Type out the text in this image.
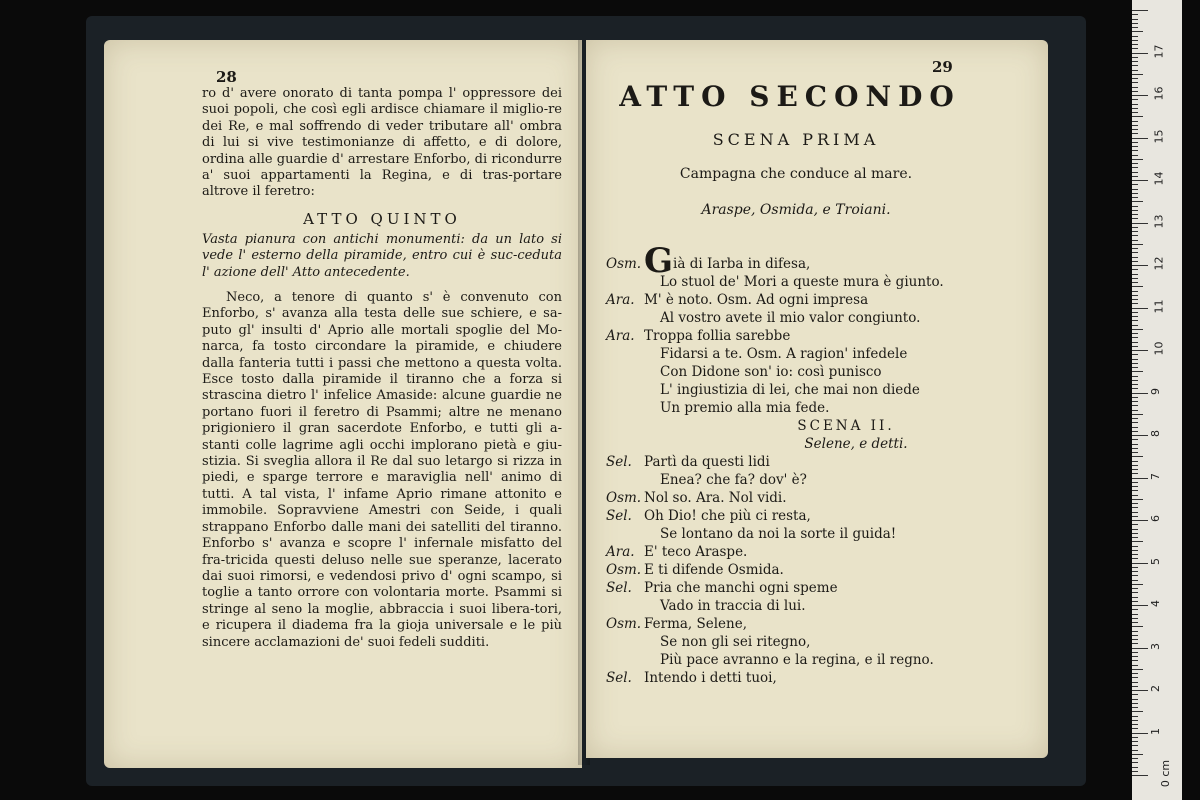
28

ro d' avere onorato di tanta pompa l' oppressore dei suoi popoli, che così egli ardisce chiamare il miglio-re dei Re, e mal soffrendo di veder tributare all' ombra di lui si vive testimonianze di affetto, e di dolore, ordina alle guardie d' arrestare Enforbo, di ricondurre a' suoi appartamenti la Regina, e di tras-portare altrove il feretro:

ATTO QUINTO
Vasta pianura con antichi monumenti: da un lato si vede l' esterno della piramide, entro cui è suc-ceduta l' azione dell' Atto antecedente.

Neco, a tenore di quanto s' è convenuto con Enforbo, s' avanza alla testa delle sue schiere, e sa-puto gl' insulti d' Aprio alle mortali spoglie del Mo-narca, fa tosto circondare la piramide, e chiudere dalla fanteria tutti i passi che mettono a questa volta. Esce tosto dalla piramide il tiranno che a forza si strascina dietro l' infelice Amaside: alcune guardie ne portano fuori il feretro di Psammi; altre ne menano prigioniero il gran sacerdote Enforbo, e tutti gli a-stanti colle lagrime agli occhi implorano pietà e giu-stizia. Si sveglia allora il Re dal suo letargo si rizza in piedi, e sparge terrore e maraviglia nell' animo di tutti. A tal vista, l' infame Aprio rimane attonito e immobile. Sopravviene Amestri con Seide, i quali strappano Enforbo dalle mani dei satelliti del tiranno. Enforbo s' avanza e scopre l' infernale misfatto del fra-tricida questi deluso nelle sue speranze, lacerato dai suoi rimorsi, e vedendosi privo d' ogni scampo, si toglie a tanto orrore con volontaria morte. Psammi si stringe al seno la moglie, abbraccia i suoi libera-tori, e ricupera il diadema fra la gioja universale e le più sincere acclamazioni de' suoi fedeli sudditi.

29
ATTO SECONDO
SCENA PRIMA
Campagna che conduce al mare.
Araspe, Osmida, e Troiani.
Osm.Già di Iarba in difesa,
Lo stuol de' Mori a queste mura è giunto.
Ara. M' è noto. Osm. Ad ogni impresa
Al vostro avete il mio valor congiunto.
Ara. Troppa follia sarebbe
Fidarsi a te. Osm. A ragion' infedele
Con Didone son' io: così punisco
L' ingiustizia di lei, che mai non diede
Un premio alla mia fede.
SCENA II.
Selene, e detti.
Sel. Partì da questi lidi
Enea? che fa? dov' è?
Osm. Nol so. Ara. Nol vidi.
Sel. Oh Dio! che più ci resta,
Se lontano da noi la sorte il guida!
Ara. E' teco Araspe.
Osm. E ti difende Osmida.
Sel. Pria che manchi ogni speme
Vado in traccia di lui.
Osm. Ferma, Selene,
Se non gli sei ritegno,
Più pace avranno e la regina, e il regno.
Sel. Intendo i detti tuoi,
0 cm
1
2
3
4
5
6
7
8
9
10
11
12
13
14
15
16
17
